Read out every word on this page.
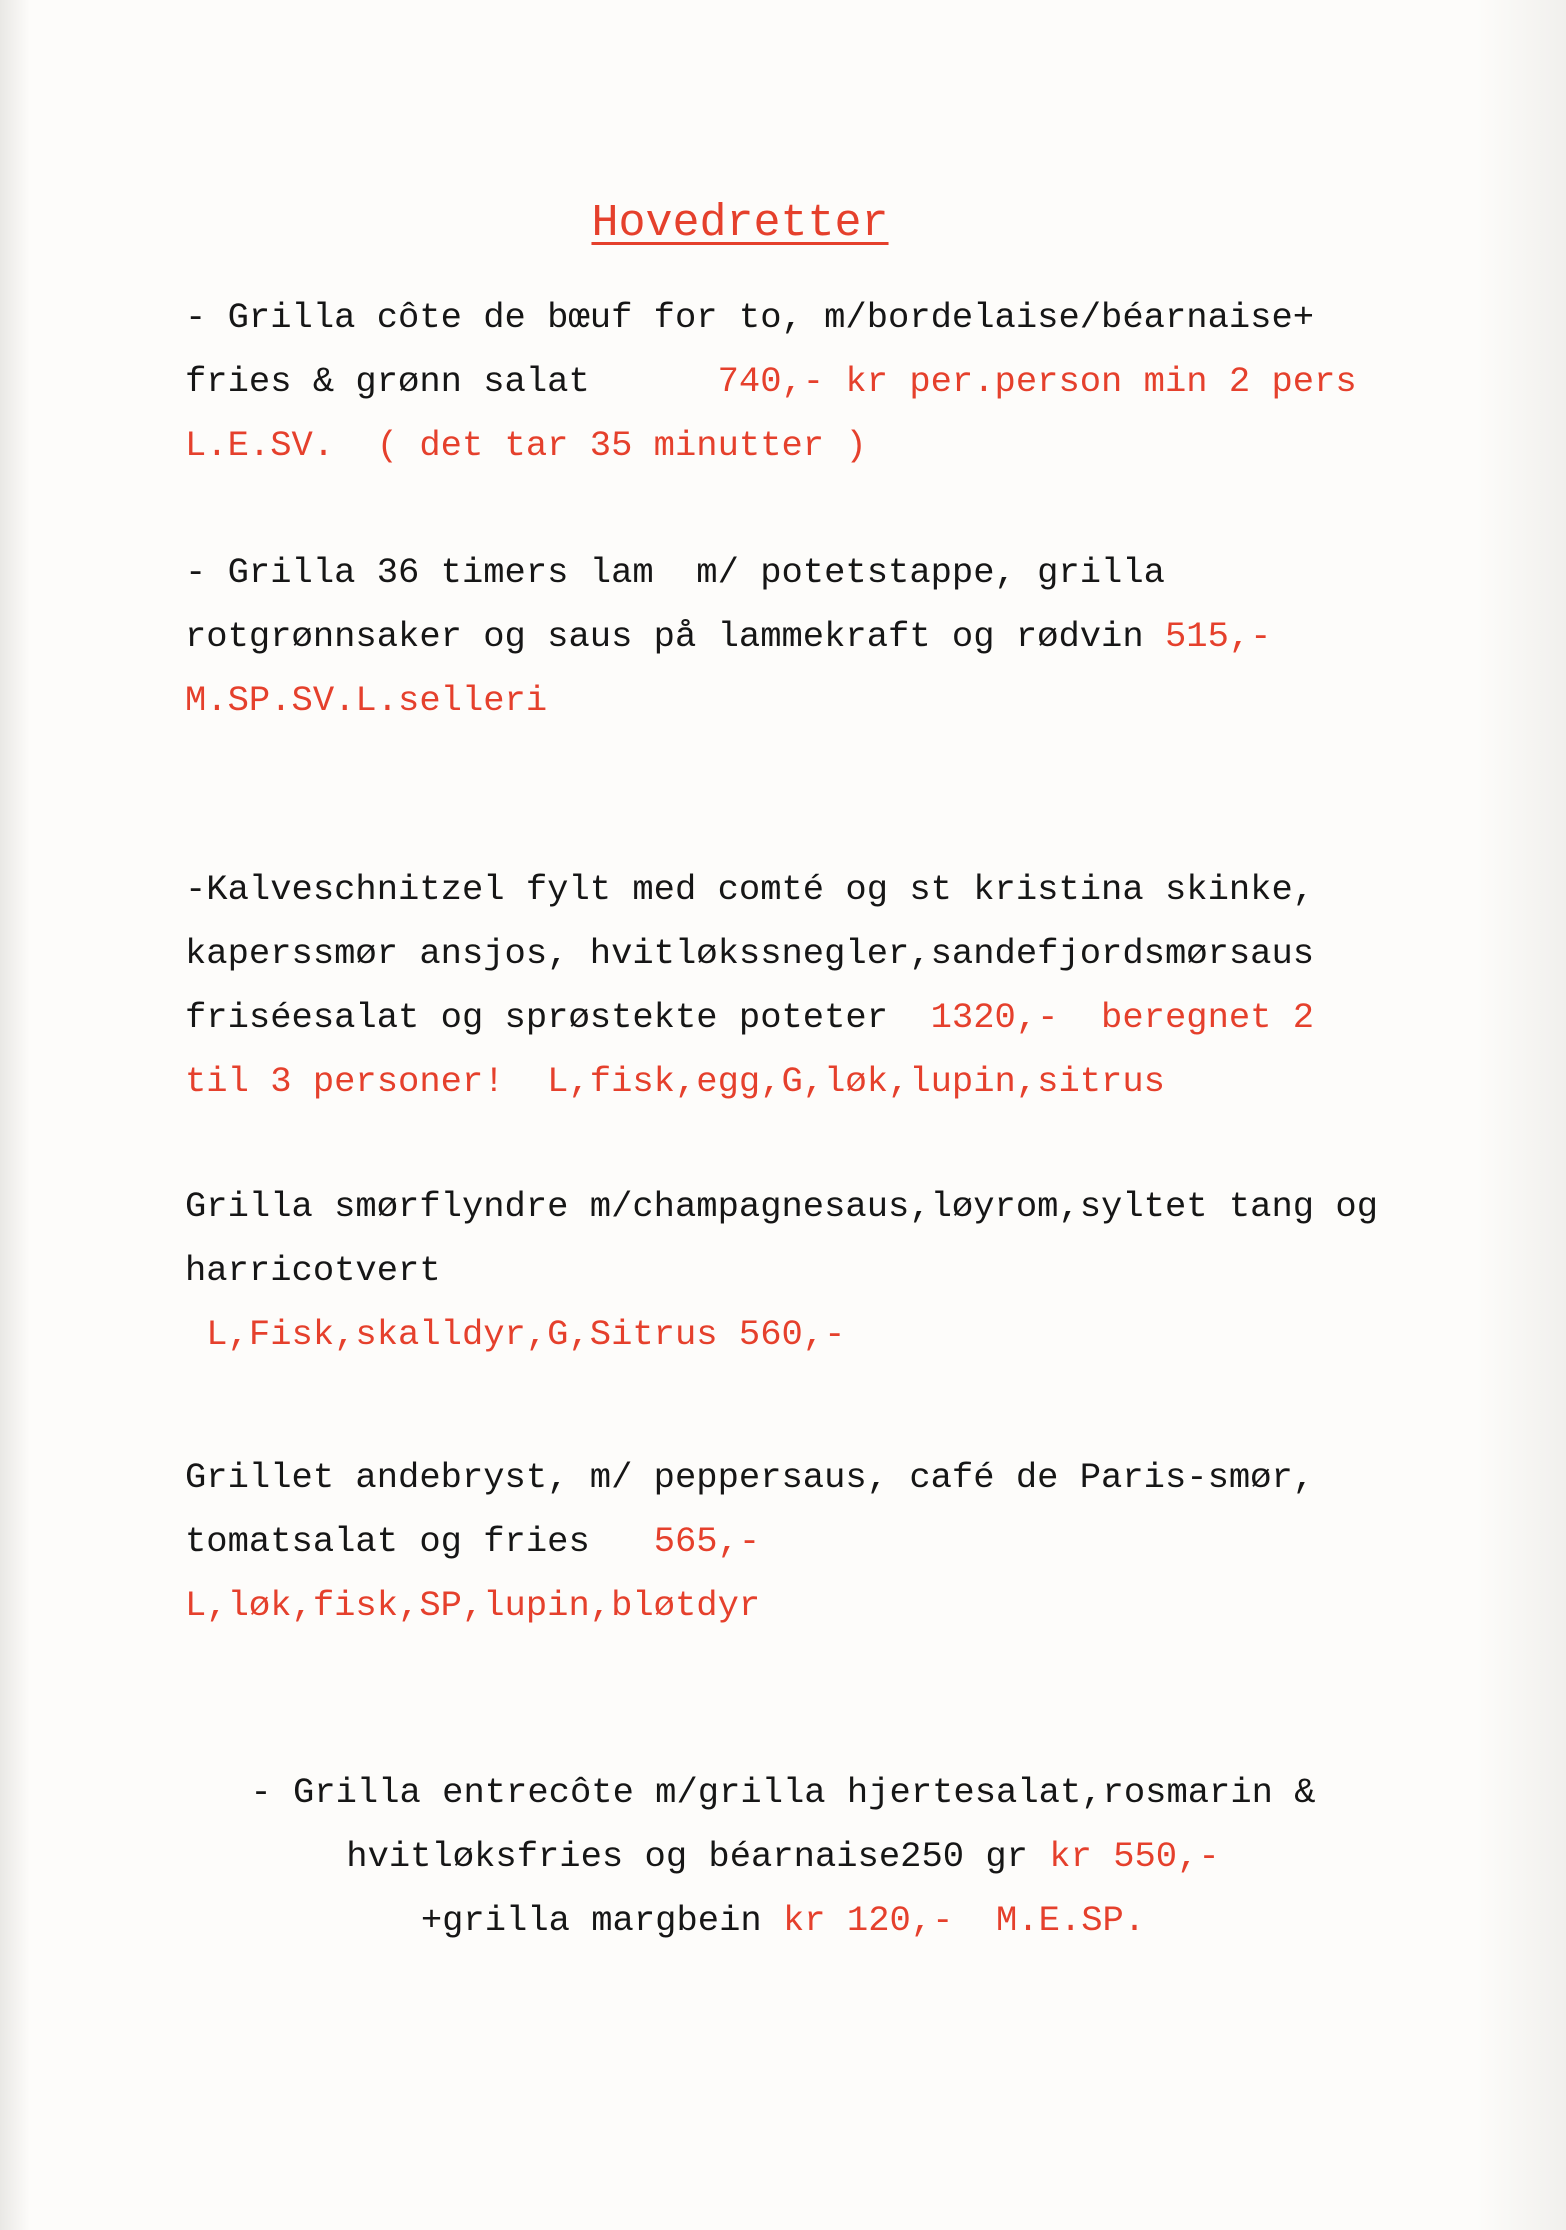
Hovedretter
- Grilla côte de bœuf for to, m/bordelaise/béarnaise+
fries & grønn salat      740,- kr per.person min 2 pers
L.E.SV.  ( det tar 35 minutter )
- Grilla 36 timers lam  m/ potetstappe, grilla
rotgrønnsaker og saus på lammekraft og rødvin 515,-
M.SP.SV.L.selleri
-Kalveschnitzel fylt med comté og st kristina skinke,
kaperssmør ansjos, hvitløkssnegler,sandefjordsmørsaus
friséesalat og sprøstekte poteter  1320,-  beregnet 2
til 3 personer!  L,fisk,egg,G,løk,lupin,sitrus
Grilla smørflyndre m/champagnesaus,løyrom,syltet tang og
harricotvert
L,Fisk,skalldyr,G,Sitrus 560,-
Grillet andebryst, m/ peppersaus, café de Paris-smør,
tomatsalat og fries   565,-
L,løk,fisk,SP,lupin,bløtdyr
- Grilla entrecôte m/grilla hjertesalat,rosmarin &
hvitløksfries og béarnaise250 gr kr 550,-
+grilla margbein kr 120,-  M.E.SP.
